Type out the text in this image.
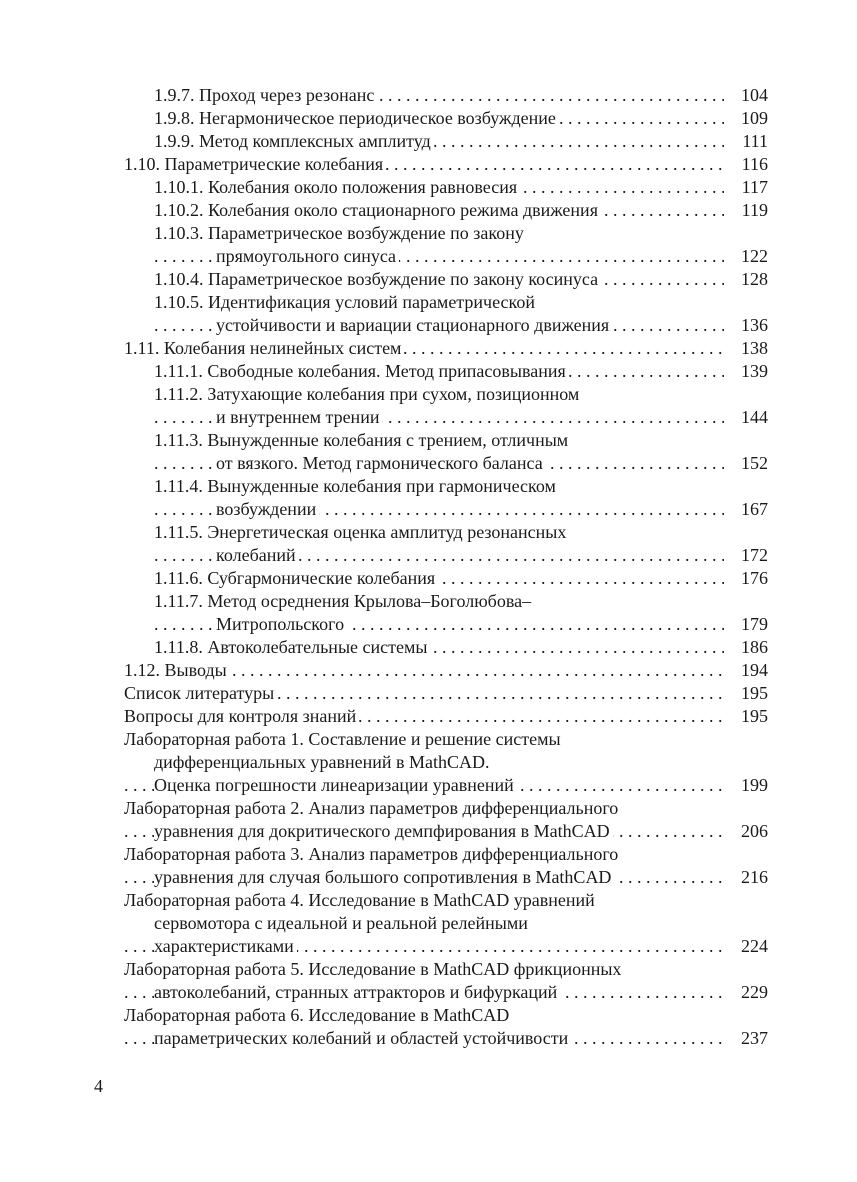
. . . 1.9.7. Проход через резонанс	104
. . . 1.9.8. Негармоническое периодическое возбуждение	109
. . . 1.9.9. Метод комплексных амплитуд	111
. . . 1.10. Параметрические колебания	116
. . . 1.10.1. Колебания около положения равновесия	117
. . . 1.10.2. Колебания около стационарного режима движения	119
1.10.3. Параметрическое возбуждение по закону
. . . прямоугольного синуса	122
. . . 1.10.4. Параметрическое возбуждение по закону косинуса	128
1.10.5. Идентификация условий параметрической
. . . устойчивости и вариации стационарного движения	136
. . . 1.11. Колебания нелинейных систем	138
. . . 1.11.1. Свободные колебания. Метод припасовывания	139
1.11.2. Затухающие колебания при сухом, позиционном
. . . и внутреннем трении	144
1.11.3. Вынужденные колебания с трением, отличным
. . . от вязкого. Метод гармонического баланса	152
1.11.4. Вынужденные колебания при гармоническом
. . . возбуждении	167
1.11.5. Энергетическая оценка амплитуд резонансных
. . . колебаний	172
. . . 1.11.6. Субгармонические колебания	176
1.11.7. Метод осреднения Крылова–Боголюбова–
. . . Митропольского	179
. . . 1.11.8. Автоколебательные системы	186
. . . 1.12. Выводы	194
. . . Список литературы	195
. . . Вопросы для контроля знаний	195
Лабораторная работа 1. Составление и решение системы
дифференциальных уравнений в MathCAD.
. . . Оценка погрешности линеаризации уравнений	199
Лабораторная работа 2. Анализ параметров дифференциального
. . . уравнения для докритического демпфирования в MathCAD	206
Лабораторная работа 3. Анализ параметров дифференциального
. . . уравнения для случая большого сопротивления в MathCAD	216
Лабораторная работа 4. Исследование в MathCAD уравнений
сервомотора с идеальной и реальной релейными
. . . характеристиками	224
Лабораторная работа 5. Исследование в MathCAD фрикционных
. . . автоколебаний, странных аттракторов и бифуркаций	229
Лабораторная работа 6. Исследование в MathCAD
. . . параметрических колебаний и областей устойчивости	237
4
